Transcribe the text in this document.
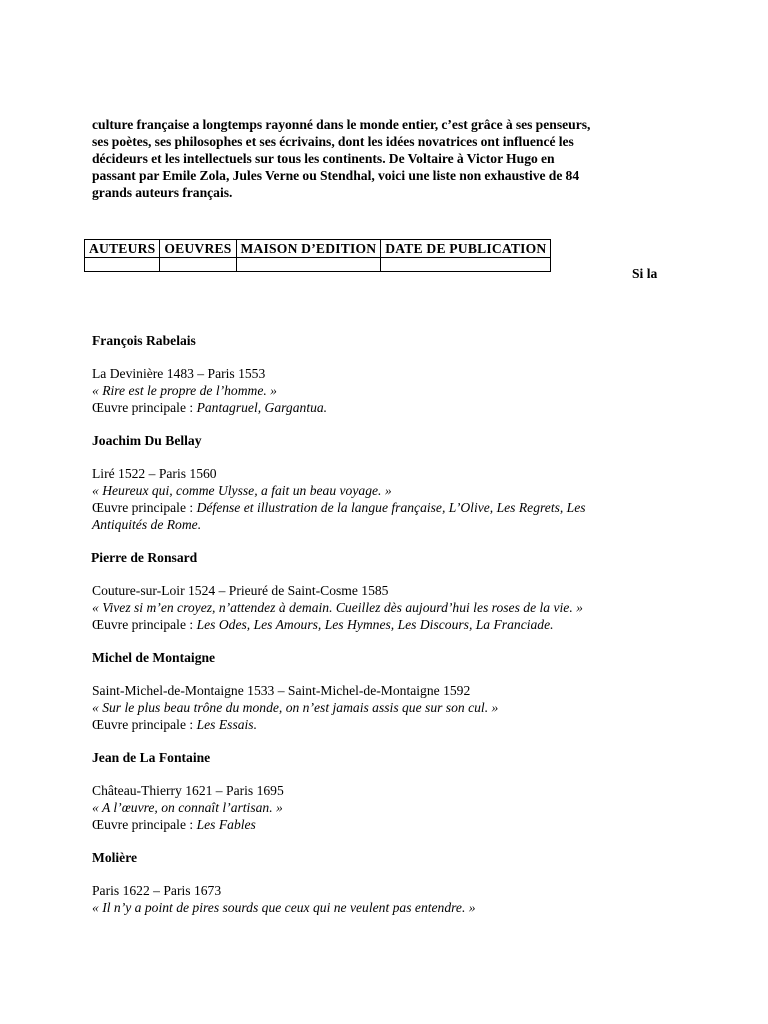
culture française a longtemps rayonné dans le monde entier, c’est grâce à ses penseurs,
ses poètes, ses philosophes et ses écrivains, dont les idées novatrices ont influencé les
décideurs et les intellectuels sur tous les continents. De Voltaire à Victor Hugo en
passant par Emile Zola, Jules Verne ou Stendhal, voici une liste non exhaustive de 84
grands auteurs français.
AUTEURS	OEUVRES	MAISON D’EDITION	DATE DE PUBLICATION

Si la
François Rabelais
La Devinière 1483 – Paris 1553
« Rire est le propre de l’homme. »
Œuvre principale : Pantagruel, Gargantua.
Joachim Du Bellay
Liré 1522 – Paris 1560
« Heureux qui, comme Ulysse, a fait un beau voyage. »
Œuvre principale : Défense et illustration de la langue française, L’Olive, Les Regrets, Les
Antiquités de Rome.
Pierre de Ronsard
Couture-sur-Loir 1524 – Prieuré de Saint-Cosme 1585
« Vivez si m’en croyez, n’attendez à demain. Cueillez dès aujourd’hui les roses de la vie. »
Œuvre principale : Les Odes, Les Amours, Les Hymnes, Les Discours, La Franciade.
Michel de Montaigne
Saint-Michel-de-Montaigne 1533 – Saint-Michel-de-Montaigne 1592
« Sur le plus beau trône du monde, on n’est jamais assis que sur son cul. »
Œuvre principale : Les Essais.
Jean de La Fontaine
Château-Thierry 1621 – Paris 1695
« A l’œuvre, on connaît l’artisan. »
Œuvre principale : Les Fables
Molière
Paris 1622 – Paris 1673
« Il n’y a point de pires sourds que ceux qui ne veulent pas entendre. »
